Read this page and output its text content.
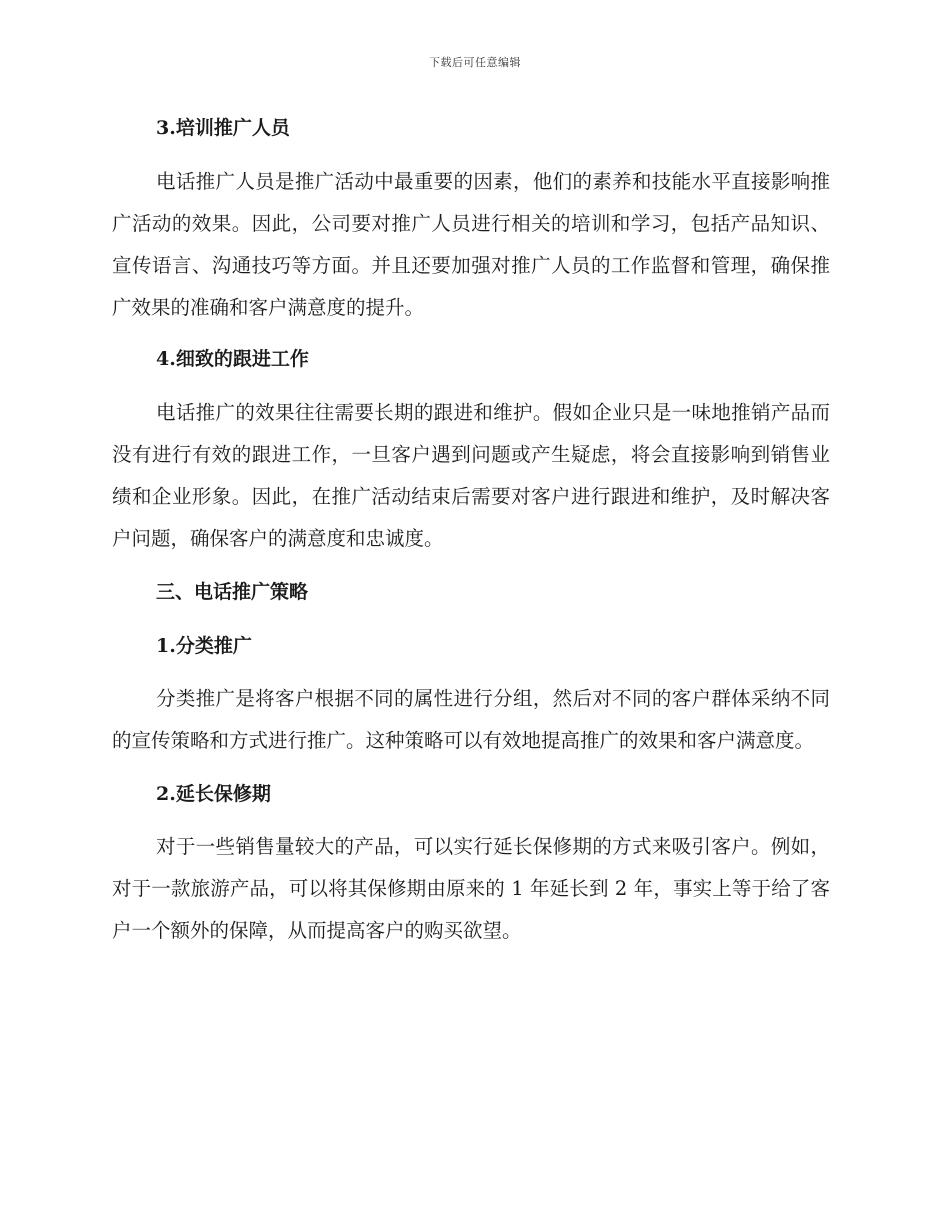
下载后可任意编辑
3.培训推广人员

电话推广人员是推广活动中最重要的因素，他们的素养和技能水平直接影响推广活动的效果。因此，公司要对推广人员进行相关的培训和学习，包括产品知识、宣传语言、沟通技巧等方面。并且还要加强对推广人员的工作监督和管理，确保推广效果的准确和客户满意度的提升。

4.细致的跟进工作

电话推广的效果往往需要长期的跟进和维护。假如企业只是一味地推销产品而没有进行有效的跟进工作，一旦客户遇到问题或产生疑虑，将会直接影响到销售业绩和企业形象。因此，在推广活动结束后需要对客户进行跟进和维护，及时解决客户问题，确保客户的满意度和忠诚度。

三、电话推广策略
1.分类推广

分类推广是将客户根据不同的属性进行分组，然后对不同的客户群体采纳不同的宣传策略和方式进行推广。这种策略可以有效地提高推广的效果和客户满意度。

2.延长保修期

对于一些销售量较大的产品，可以实行延长保修期的方式来吸引客户。例如，对于一款旅游产品，可以将其保修期由原来的 1 年延长到 2 年，事实上等于给了客户一个额外的保障，从而提高客户的购买欲望。
